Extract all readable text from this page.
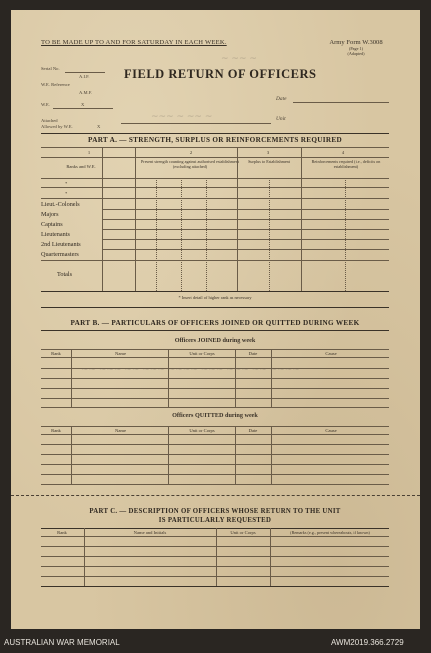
TO BE MADE UP TO AND FOR SATURDAY IN EACH WEEK.	Army Form W.3008
(Page 1)
(Adapted)
Serial No.
A.I.F.
W.E. Reference
A.M.F.
W.E.	X
Attached
Allowed by W.E.	X
FIELD RETURN OF OFFICERS
Date
Unit
~ ~~ ~
~~~ ~ ~~ ~
PART A. — STRENGTH, SURPLUS OR REINFORCEMENTS REQUIRED
1	2	3	4
Ranks and W.E.
Present strength counting against authorised establishment (excluding attached)
Surplus to Establishment	Reinforcements required (i.e., deficits on establishment)
*
*
Lieut.-Colonels
Majors
Captains
Lieutenants
2nd Lieutenants
Quartermasters
Totals
* Insert detail of higher rank as necessary
PART B. — PARTICULARS OF OFFICERS JOINED OR QUITTED DURING WEEK
Officers JOINED during week
Rank	Name	Unit or Corps	Date	Cause
~~ ~~~ ~~ ~~~ ~~~~ ~~~ ~~~ ~~ ~~~~
Officers QUITTED during week
Rank	Name	Unit or Corps	Date	Cause
PART C. — DESCRIPTION OF OFFICERS WHOSE RETURN TO THE UNIT
IS PARTICULARLY REQUESTED
Rank	Name and Initials	Unit or Corps	(Remarks (e.g., present whereabouts, if known)
AUSTRALIAN WAR MEMORIAL	AWM2019.366.2729
